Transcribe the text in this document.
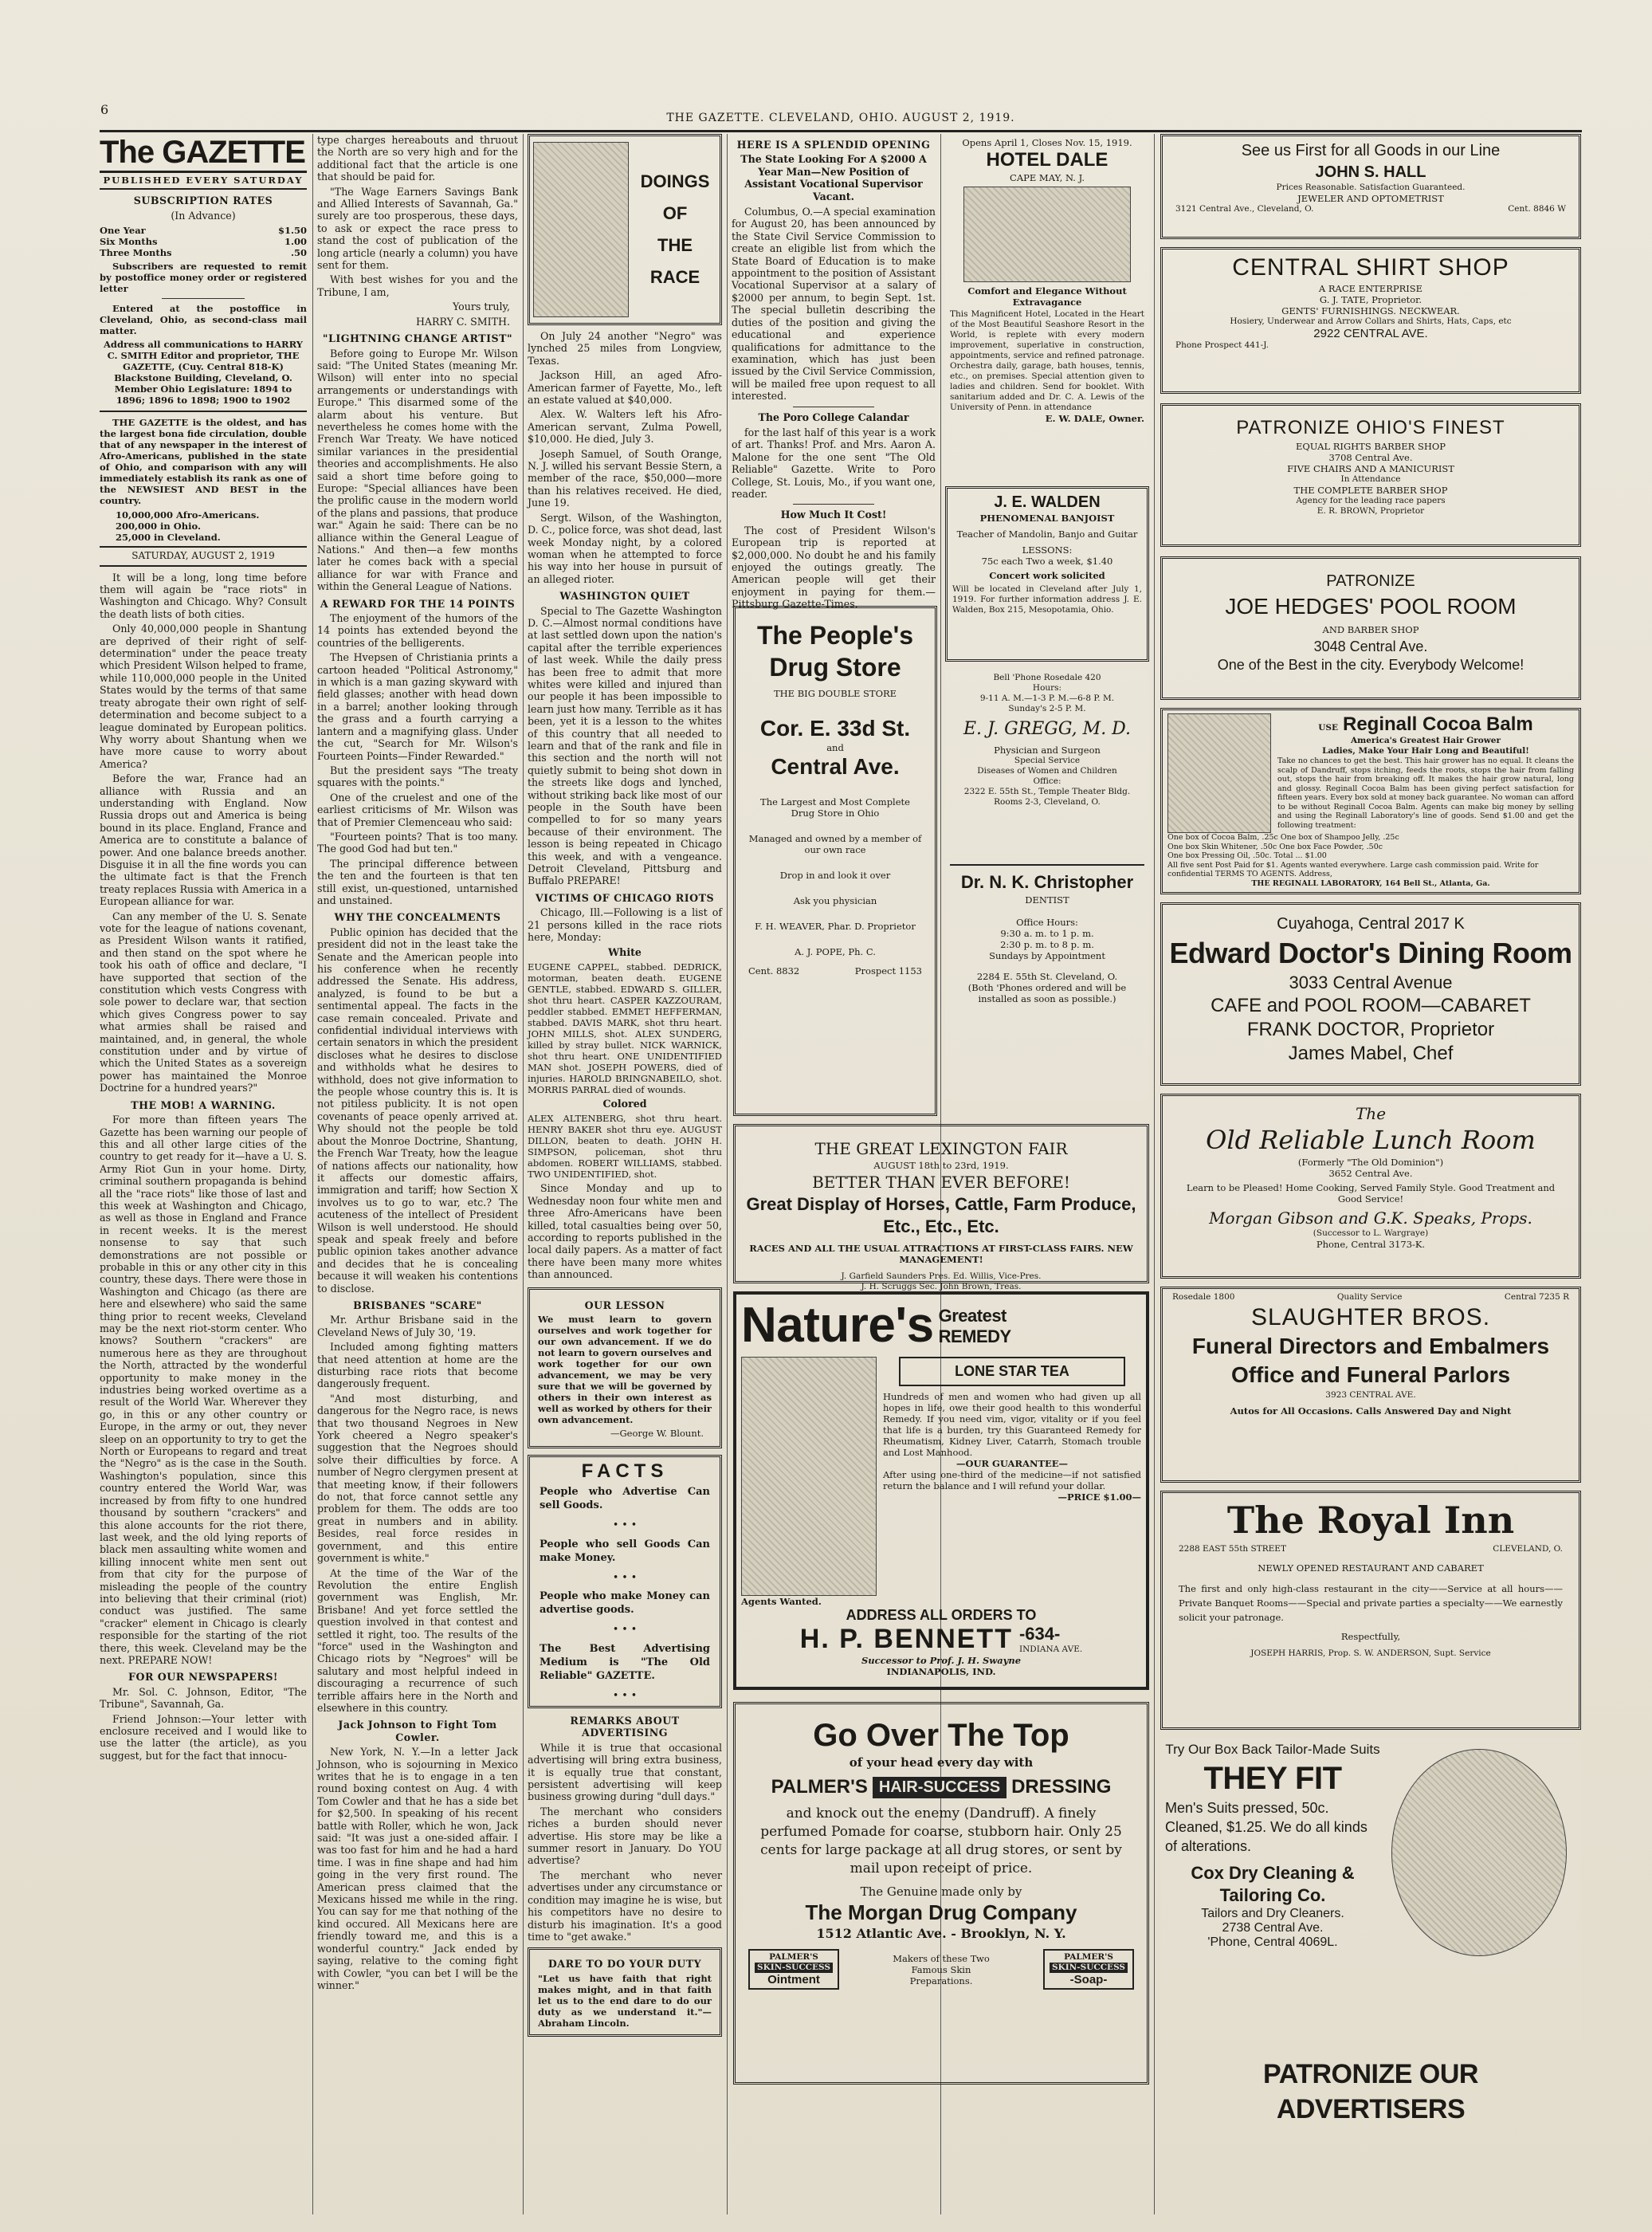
6
THE GAZETTE. CLEVELAND, OHIO. AUGUST 2, 1919.
The GAZETTE
PUBLISHED EVERY SATURDAY
SUBSCRIPTION RATES
(In Advance)
One Year	$1.50
Six Months	1.00
Three Months	.50

Subscribers are requested to remit by postoffice money order or registered letter

Entered at the postoffice in Cleveland, Ohio, as second-class mail matter.

Address all communications to HARRY C. SMITH Editor and proprietor, THE GAZETTE, (Cuy. Central 818-K) Blackstone Building, Cleveland, O. Member Ohio Legislature: 1894 to 1896; 1896 to 1898; 1900 to 1902

THE GAZETTE is the oldest, and has the largest bona fide circulation, double that of any newspaper in the interest of Afro-Americans, published in the state of Ohio, and comparison with any will immediately establish its rank as one of the NEWSIEST AND BEST in the country.

10,000,000 Afro-Americans.
200,000 in Ohio.
25,000 in Cleveland.
SATURDAY, AUGUST 2, 1919

It will be a long, long time before them will again be "race riots" in Washington and Chicago. Why? Consult the death lists of both cities.

Only 40,000,000 people in Shantung are deprived of their right of self-determination" under the peace treaty which President Wilson helped to frame, while 110,000,000 people in the United States would by the terms of that same treaty abrogate their own right of self-determination and become subject to a league dominated by European politics. Why worry about Shantung when we have more cause to worry about America?

Before the war, France had an alliance with Russia and an understanding with England. Now Russia drops out and America is being bound in its place. England, France and America are to constitute a balance of power. And one balance breeds another. Disguise it in all the fine words you can the ultimate fact is that the French treaty replaces Russia with America in a European alliance for war.

Can any member of the U. S. Senate vote for the league of nations covenant, as President Wilson wants it ratified, and then stand on the spot where he took his oath of office and declare, "I have supported that section of the constitution which vests Congress with sole power to declare war, that section which gives Congress power to say what armies shall be raised and maintained, and, in general, the whole constitution under and by virtue of which the United States as a sovereign power has maintained the Monroe Doctrine for a hundred years?"

THE MOB! A WARNING.

For more than fifteen years The Gazette has been warning our people of this and all other large cities of the country to get ready for it—have a U. S. Army Riot Gun in your home. Dirty, criminal southern propaganda is behind all the "race riots" like those of last and this week at Washington and Chicago, as well as those in England and France in recent weeks. It is the merest nonsense to say that such demonstrations are not possible or probable in this or any other city in this country, these days. There were those in Washington and Chicago (as there are here and elsewhere) who said the same thing prior to recent weeks, Cleveland may be the next riot-storm center. Who knows? Southern "crackers" are numerous here as they are throughout the North, attracted by the wonderful opportunity to make money in the industries being worked overtime as a result of the World War. Wherever they go, in this or any other country or Europe, in the army or out, they never sleep on an opportunity to try to get the North or Europeans to regard and treat the "Negro" as is the case in the South. Washington's population, since this country entered the World War, was increased by from fifty to one hundred thousand by southern "crackers" and this alone accounts for the riot there, last week, and the old lying reports of black men assaulting white women and killing innocent white men sent out from that city for the purpose of misleading the people of the country into believing that their criminal (riot) conduct was justified. The same "cracker" element in Chicago is clearly responsible for the starting of the riot there, this week. Cleveland may be the next. PREPARE NOW!

FOR OUR NEWSPAPERS!

Mr. Sol. C. Johnson, Editor, "The Tribune", Savannah, Ga.

Friend Johnson:—Your letter with enclosure received and I would like to use the latter (the article), as you suggest, but for the fact that innocu-

type charges hereabouts and thruout the North are so very high and for the additional fact that the article is one that should be paid for.

"The Wage Earners Savings Bank and Allied Interests of Savannah, Ga." surely are too prosperous, these days, to ask or expect the race press to stand the cost of publication of the long article (nearly a column) you have sent for them.

With best wishes for you and the Tribune, I am,

Yours truly,
HARRY C. SMITH.
"LIGHTNING CHANGE ARTIST"

Before going to Europe Mr. Wilson said: "The United States (meaning Mr. Wilson) will enter into no special arrangements or understandings with Europe." This disarmed some of the alarm about his venture. But nevertheless he comes home with the French War Treaty. We have noticed similar variances in the presidential theories and accomplishments. He also said a short time before going to Europe: "Special alliances have been the prolific cause in the modern world of the plans and passions, that produce war." Again he said: There can be no alliance within the General League of Nations." And then—a few months later he comes back with a special alliance for war with France and within the General League of Nations.

A REWARD FOR THE 14 POINTS

The enjoyment of the humors of the 14 points has extended beyond the countries of the belligerents.

The Hvepsen of Christiania prints a cartoon headed "Political Astronomy," in which is a man gazing skyward with field glasses; another with head down in a barrel; another looking through the grass and a fourth carrying a lantern and a magnifying glass. Under the cut, "Search for Mr. Wilson's Fourteen Points—Finder Rewarded."

But the president says "The treaty squares with the points."

One of the cruelest and one of the earliest criticisms of Mr. Wilson was that of Premier Clemenceau who said:

"Fourteen points? That is too many. The good God had but ten."

The principal difference between the ten and the fourteen is that ten still exist, un-questioned, untarnished and unstained.

WHY THE CONCEALMENTS

Public opinion has decided that the president did not in the least take the Senate and the American people into his conference when he recently addressed the Senate. His address, analyzed, is found to be but a sentimental appeal. The facts in the case remain concealed. Private and confidential individual interviews with certain senators in which the president discloses what he desires to disclose and withholds what he desires to withhold, does not give information to the people whose country this is. It is not pitiless publicity. It is not open covenants of peace openly arrived at. Why should not the people be told about the Monroe Doctrine, Shantung, the French War Treaty, how the league of nations affects our nationality, how it affects our domestic affairs, immigration and tariff; how Section X involves us to go to war, etc.? The acuteness of the intellect of President Wilson is well understood. He should speak and speak freely and before public opinion takes another advance and decides that he is concealing because it will weaken his contentions to disclose.

BRISBANES "SCARE"

Mr. Arthur Brisbane said in the Cleveland News of July 30, '19.

Included among fighting matters that need attention at home are the disturbing race riots that become dangerously frequent.

"And most disturbing, and dangerous for the Negro race, is news that two thousand Negroes in New York cheered a Negro speaker's suggestion that the Negroes should solve their difficulties by force. A number of Negro clergymen present at that meeting know, if their followers do not, that force cannot settle any problem for them. The odds are too great in numbers and in ability. Besides, real force resides in government, and this entire government is white."

At the time of the War of the Revolution the entire English government was English, Mr. Brisbane! And yet force settled the question involved in that contest and settled it right, too. The results of the "force" used in the Washington and Chicago riots by "Negroes" will be salutary and most helpful indeed in discouraging a recurrence of such terrible affairs here in the North and elsewhere in this country.

Jack Johnson to Fight Tom Cowler.

New York, N. Y.—In a letter Jack Johnson, who is sojourning in Mexico writes that he is to engage in a ten round boxing contest on Aug. 4 with Tom Cowler and that he has a side bet for $2,500. In speaking of his recent battle with Roller, which he won, Jack said: "It was just a one-sided affair. I was too fast for him and he had a hard time. I was in fine shape and had him going in the very first round. The American press claimed that the Mexicans hissed me while in the ring. You can say for me that nothing of the kind occured. All Mexicans here are friendly toward me, and this is a wonderful country." Jack ended by saying, relative to the coming fight with Cowler, "you can bet I will be the winner."

DOINGS
OF
THE
RACE

On July 24 another "Negro" was lynched 25 miles from Longview, Texas.

Jackson Hill, an aged Afro-American farmer of Fayette, Mo., left an estate valued at $40,000.

Alex. W. Walters left his Afro-American servant, Zulma Powell, $10,000. He died, July 3.

Joseph Samuel, of South Orange, N. J. willed his servant Bessie Stern, a member of the race, $50,000—more than his relatives received. He died, June 19.

Sergt. Wilson, of the Washington, D. C., police force, was shot dead, last week Monday night, by a colored woman when he attempted to force his way into her house in pursuit of an alleged rioter.

WASHINGTON QUIET

Special to The Gazette Washington D. C.—Almost normal conditions have at last settled down upon the nation's capital after the terrible experiences of last week. While the daily press has been free to admit that more whites were killed and injured than our people it has been impossible to learn just how many. Terrible as it has been, yet it is a lesson to the whites of this country that all needed to learn and that of the rank and file in this section and the north will not quietly submit to being shot down in the streets like dogs and lynched, without striking back like most of our people in the South have been compelled to for so many years because of their environment. The lesson is being repeated in Chicago this week, and with a vengeance. Detroit Cleveland, Pittsburg and Buffalo PREPARE!

VICTIMS OF CHICAGO RIOTS

Chicago, Ill.—Following is a list of 21 persons killed in the race riots here, Monday:

White

EUGENE CAPPEL, stabbed. DEDRICK, motorman, beaten death. EUGENE GENTLE, stabbed. EDWARD S. GILLER, shot thru heart. CASPER KAZZOURAM, peddler stabbed. EMMET HEFFERMAN, stabbed. DAVIS MARK, shot thru heart. JOHN MILLS, shot. ALEX SUNDERG, killed by stray bullet. NICK WARNICK, shot thru heart. ONE UNIDENTIFIED MAN shot. JOSEPH POWERS, died of injuries. HAROLD BRINGNABEILO, shot. MORRIS PARRAL died of wounds.

Colored

ALEX ALTENBERG, shot thru heart. HENRY BAKER shot thru eye. AUGUST DILLON, beaten to death. JOHN H. SIMPSON, policeman, shot thru abdomen. ROBERT WILLIAMS, stabbed. TWO UNIDENTIFIED, shot.

Since Monday and up to Wednesday noon four white men and three Afro-Americans have been killed, total casualties being over 50, according to reports published in the local daily papers. As a matter of fact there have been many more whites than announced.

OUR LESSON

We must learn to govern ourselves and work together for our own advancement. If we do not learn to govern ourselves and work together for our own advancement, we may be very sure that we will be governed by others in their own interest as well as worked by others for their own advancement.

—George W. Blount.
FACTS
People who Advertise Can sell Goods.
• • •
People who sell Goods Can make Money.
• • •
People who make Money can advertise goods.
• • •
The Best Advertising Medium is "The Old Reliable" GAZETTE.
• • •
REMARKS ABOUT ADVERTISING

While it is true that occasional advertising will bring extra business, it is equally true that constant, persistent advertising will keep business growing during "dull days."

The merchant who considers riches a burden should never advertise. His store may be like a summer resort in January. Do YOU advertise?

The merchant who never advertises under any circumstance or condition may imagine he is wise, but his competitors have no desire to disturb his imagination. It's a good time to "get awake."

DARE TO DO YOUR DUTY

"Let us have faith that right makes might, and in that faith let us to the end dare to do our duty as we understand it."—Abraham Lincoln.

HERE IS A SPLENDID OPENING
The State Looking For A $2000 A Year Man—New Position of Assistant Vocational Supervisor Vacant.

Columbus, O.—A special examination for August 20, has been announced by the State Civil Service Commission to create an eligible list from which the State Board of Education is to make appointment to the position of Assistant Vocational Supervisor at a salary of $2000 per annum, to begin Sept. 1st. The special bulletin describing the duties of the position and giving the educational and experience qualifications for admittance to the examination, which has just been issued by the Civil Service Commission, will be mailed free upon request to all interested.

The Poro College Calandar

for the last half of this year is a work of art. Thanks! Prof. and Mrs. Aaron A. Malone for the one sent "The Old Reliable" Gazette. Write to Poro College, St. Louis, Mo., if you want one, reader.

How Much It Cost!

The cost of President Wilson's European trip is reported at $2,000,000. No doubt he and his family enjoyed the outings greatly. The American people will get their enjoyment in paying for them.—Pittsburg Gazette-Times.

Opens April 1, Closes Nov. 15, 1919.
HOTEL DALE
CAPE MAY, N. J.
Comfort and Elegance Without Extravagance
This Magnificent Hotel, Located in the Heart of the Most Beautiful Seashore Resort in the World, is replete with every modern improvement, superlative in construction, appointments, service and refined patronage. Orchestra daily, garage, bath houses, tennis, etc., on premises. Special attention given to ladies and children. Send for booklet. With sanitarium added and Dr. C. A. Lewis of the University of Penn. in attendance
E. W. DALE, Owner.
J. E. WALDEN
PHENOMENAL BANJOIST
Teacher of Mandolin, Banjo and Guitar
LESSONS:
75c each Two a week, $1.40
Concert work solicited
Will be located in Cleveland after July 1, 1919. For further information address J. E. Walden, Box 215, Mesopotamia, Ohio.
The People's
Drug Store
THE BIG DOUBLE STORE
Cor. E. 33d St.
and
Central Ave.
The Largest and Most Complete Drug Store in Ohio
Managed and owned by a member of our own race
Drop in and look it over
Ask you physician
F. H. WEAVER, Phar. D. Proprietor
A. J. POPE, Ph. C.
Cent. 8832	Prospect 1153
Bell 'Phone Rosedale 420
Hours:
9-11 A. M.—1-3 P. M.—6-8 P. M.
Sunday's 2-5 P. M.
E. J. GREGG, M. D.
Physician and Surgeon
Special Service
Diseases of Women and Children
Office:
2322 E. 55th St., Temple Theater Bldg. Rooms 2-3, Cleveland, O.
Dr. N. K. Christopher
DENTIST
Office Hours:
9:30 a. m. to 1 p. m.
2:30 p. m. to 8 p. m.
Sundays by Appointment
2284 E. 55th St. Cleveland, O.
(Both 'Phones ordered and will be installed as soon as possible.)
THE GREAT LEXINGTON FAIR
AUGUST 18th to 23rd, 1919.
BETTER THAN EVER BEFORE!
Great Display of Horses, Cattle, Farm Produce, Etc., Etc., Etc.
RACES AND ALL THE USUAL ATTRACTIONS AT FIRST-CLASS FAIRS. NEW MANAGEMENT!
J. Garfield Saunders Pres. Ed. Willis, Vice-Pres.
J. H. Scruggs Sec. John Brown, Treas.
Nature's Greatest
REMEDY
LONE STAR TEA
Hundreds of men and women who had given up all hopes in life, owe their good health to this wonderful Remedy. If you need vim, vigor, vitality or if you feel that life is a burden, try this Guaranteed Remedy for Rheumatism, Kidney Liver, Catarrh, Stomach trouble and Lost Manhood.
—OUR GUARANTEE—
After using one-third of the medicine—if not satisfied return the balance and I will refund your dollar.
—PRICE $1.00—
Agents Wanted.
ADDRESS ALL ORDERS TO
H. P. BENNETT -634-
INDIANA AVE.
Successor to Prof. J. H. Swayne
INDIANAPOLIS, IND.
Go Over The Top
of your head every day with
PALMER'S HAIR-SUCCESS DRESSING
and knock out the enemy (Dandruff). A finely perfumed Pomade for coarse, stubborn hair. Only 25 cents for large package at all drug stores, or sent by mail upon receipt of price.
The Genuine made only by
The Morgan Drug Company
1512 Atlantic Ave. - Brooklyn, N. Y.
PALMER'S
SKIN-SUCCESS
Ointment
Makers of these Two Famous Skin Preparations.
PALMER'S
SKIN-SUCCESS
-Soap-
See us First for all Goods in our Line
JOHN S. HALL
Prices Reasonable. Satisfaction Guaranteed.
JEWELER AND OPTOMETRIST
3121 Central Ave., Cleveland, O.	Cent. 8846 W
CENTRAL SHIRT SHOP
A RACE ENTERPRISE
G. J. TATE, Proprietor.
GENTS' FURNISHINGS. NECKWEAR.
Hosiery, Underwear and Arrow Collars and Shirts, Hats, Caps, etc
2922 CENTRAL AVE.
Phone Prospect 441-J.
PATRONIZE OHIO'S FINEST
EQUAL RIGHTS BARBER SHOP
3708 Central Ave.
FIVE CHAIRS AND A MANICURIST
In Attendance
THE COMPLETE BARBER SHOP
Agency for the leading race papers
E. R. BROWN, Proprietor
PATRONIZE
JOE HEDGES' POOL ROOM
AND BARBER SHOP
3048 Central Ave.
One of the Best in the city. Everybody Welcome!
USE Reginall Cocoa Balm
America's Greatest Hair Grower
Ladies, Make Your Hair Long and Beautiful!
Take no chances to get the best. This hair grower has no equal. It cleans the scalp of Dandruff, stops itching, feeds the roots, stops the hair from falling out, stops the hair from breaking off. It makes the hair grow natural, long and glossy. Reginall Cocoa Balm has been giving perfect satisfaction for fifteen years. Every box sold at money back guarantee. No woman can afford to be without Reginall Cocoa Balm. Agents can make big money by selling and using the Reginall Laboratory's line of goods. Send $1.00 and get the following treatment:
One box of Cocoa Balm, .25c One box of Shampoo Jelly, .25c
One box Skin Whitener, .50c One box Face Powder, .50c
One box Pressing Oil, .50c. Total ... $1.00
All five sent Post Paid for $1. Agents wanted everywhere. Large cash commission paid. Write for confidential TERMS TO AGENTS. Address,
THE REGINALL LABORATORY, 164 Bell St., Atlanta, Ga.
Cuyahoga, Central 2017 K
Edward Doctor's Dining Room
3033 Central Avenue
CAFE and POOL ROOM—CABARET
FRANK DOCTOR, Proprietor
James Mabel, Chef
The
Old Reliable Lunch Room
(Formerly "The Old Dominion")
3652 Central Ave.
Learn to be Pleased! Home Cooking, Served Family Style. Good Treatment and Good Service!
Morgan Gibson and G.K. Speaks, Props.
(Successor to L. Wargraye)
Phone, Central 3173-K.
Rosedale 1800	Quality Service	Central 7235 R
SLAUGHTER BROS.
Funeral Directors and Embalmers
Office and Funeral Parlors
3923 CENTRAL AVE.
Autos for All Occasions. Calls Answered Day and Night
The Royal Inn
2288 EAST 55th STREET	CLEVELAND, O.
NEWLY OPENED RESTAURANT AND CABARET
The first and only high-class restaurant in the city——Service at all hours——Private Banquet Rooms——Special and private parties a specialty——We earnestly solicit your patronage.
Respectfully,
JOSEPH HARRIS, Prop. S. W. ANDERSON, Supt. Service
Try Our Box Back Tailor-Made Suits
THEY FIT
Men's Suits pressed, 50c. Cleaned, $1.25. We do all kinds of alterations.
Cox Dry Cleaning & Tailoring Co.
Tailors and Dry Cleaners.
2738 Central Ave.
'Phone, Central 4069L.
PATRONIZE OUR
ADVERTISERS
